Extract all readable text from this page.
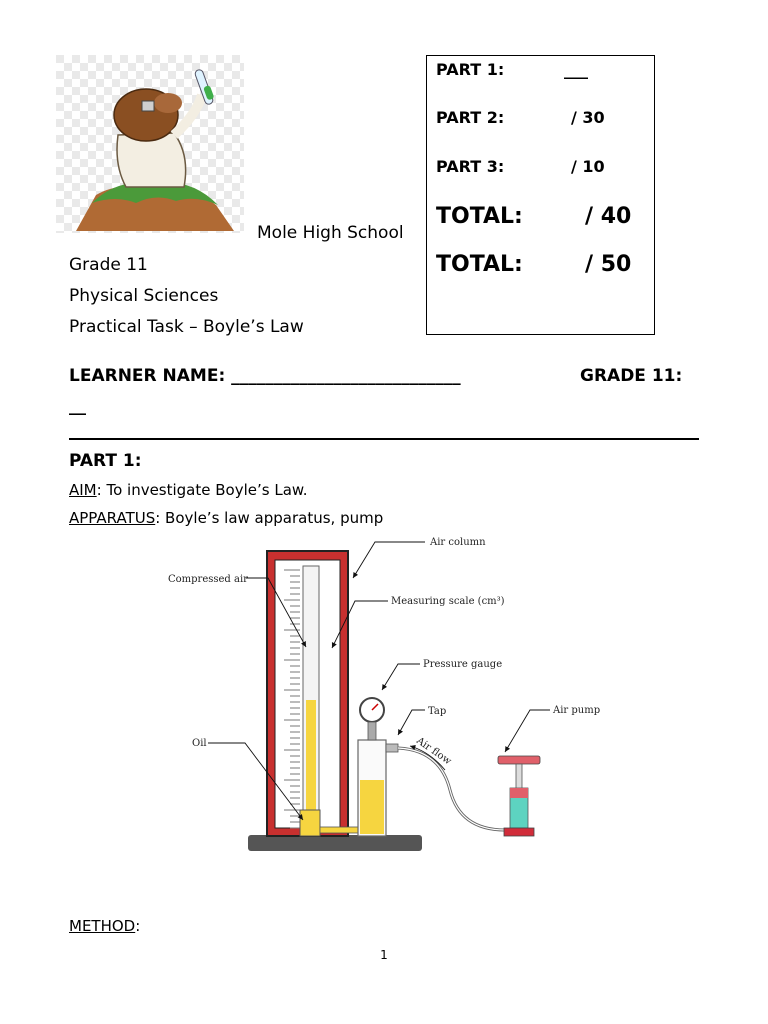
Mole High School
Grade 11
Physical Sciences
Practical Task – Boyle’s Law
PART 1:	___
PART 2:	/ 30
PART 3:	/ 10
TOTAL:	/ 40
TOTAL:	/ 50
LEARNER NAME: ___________________________	GRADE 11:
__
PART 1:
AIM: To investigate Boyle’s Law.
APPARATUS: Boyle’s law apparatus, pump
Air column
Compressed air
Measuring scale (cm³)
Pressure gauge
Tap	Air pump
Oil	Air flow
METHOD:
1
